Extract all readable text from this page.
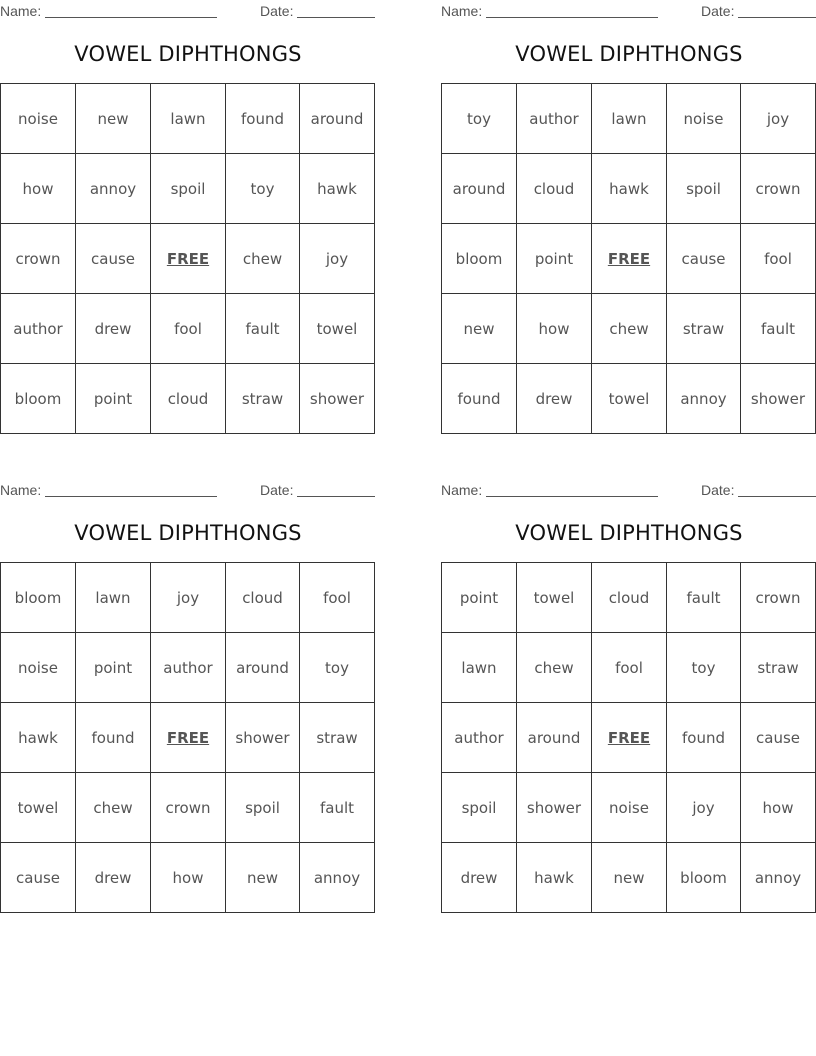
Name:	Date:
VOWEL DIPHTHONGS
noise	new	lawn	found	around
how	annoy	spoil	toy	hawk
crown	cause	FREE	chew	joy
author	drew	fool	fault	towel
bloom	point	cloud	straw	shower
Name:	Date:
VOWEL DIPHTHONGS
toy	author	lawn	noise	joy
around	cloud	hawk	spoil	crown
bloom	point	FREE	cause	fool
new	how	chew	straw	fault
found	drew	towel	annoy	shower
Name:	Date:
VOWEL DIPHTHONGS
bloom	lawn	joy	cloud	fool
noise	point	author	around	toy
hawk	found	FREE	shower	straw
towel	chew	crown	spoil	fault
cause	drew	how	new	annoy
Name:	Date:
VOWEL DIPHTHONGS
point	towel	cloud	fault	crown
lawn	chew	fool	toy	straw
author	around	FREE	found	cause
spoil	shower	noise	joy	how
drew	hawk	new	bloom	annoy
